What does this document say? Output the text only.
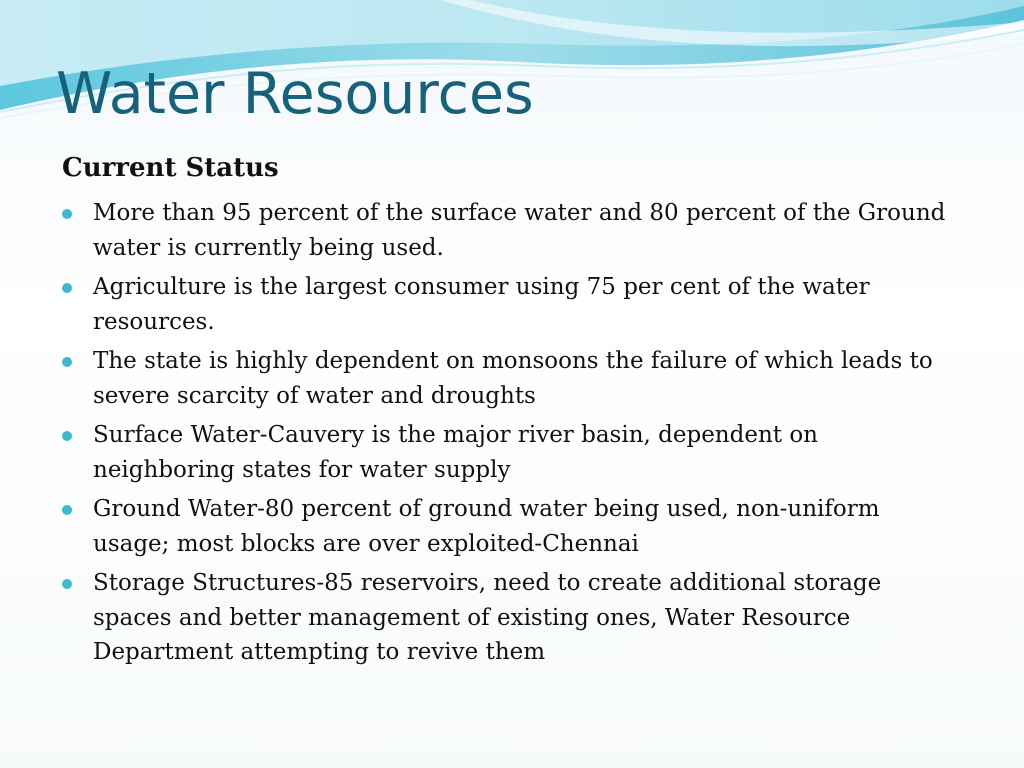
Water Resources
Current Status
More than 95 percent of the surface water and 80 percent of the Ground water is currently being used.
Agriculture is the largest consumer using 75 per cent of the water resources.
The state is highly dependent on monsoons the failure of which leads to severe scarcity of water and droughts
Surface Water-Cauvery is the major river basin, dependent on neighboring states for water supply
Ground Water-80 percent of ground water being used, non-uniform usage; most blocks are over exploited-Chennai
Storage Structures-85 reservoirs, need to create additional storage spaces and better management of existing ones, Water Resource Department attempting to revive them
